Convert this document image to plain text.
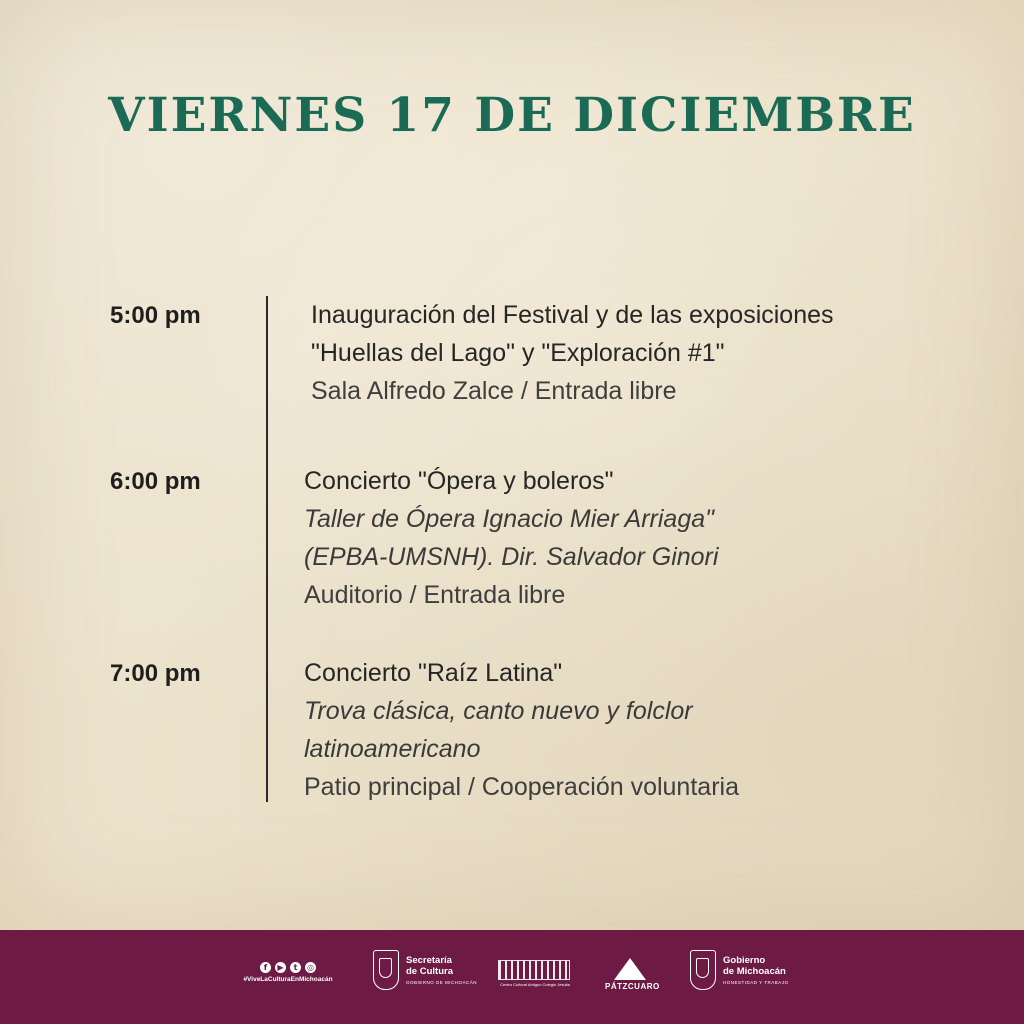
VIERNES 17 DE DICIEMBRE
5:00 pm	Inauguración del Festival y de las exposiciones
"Huellas del Lago" y "Exploración #1"
Sala Alfredo Zalce / Entrada libre
6:00 pm	Concierto "Ópera y boleros"
Taller de Ópera Ignacio Mier Arriaga"
(EPBA-UMSNH). Dir. Salvador Ginori
Auditorio / Entrada libre
7:00 pm	Concierto "Raíz Latina"
Trova clásica, canto nuevo y folclor
latinoamericano
Patio principal / Cooperación voluntaria
f	▶	t	◎
#ViveLaCulturaEnMichoacán
Secretaría
de Cultura
GOBIERNO DE MICHOACÁN	Centro Cultural Antiguo Colegio Jesuita	PÁTZCUARO
Gobierno
de Michoacán
HONESTIDAD Y TRABAJO
